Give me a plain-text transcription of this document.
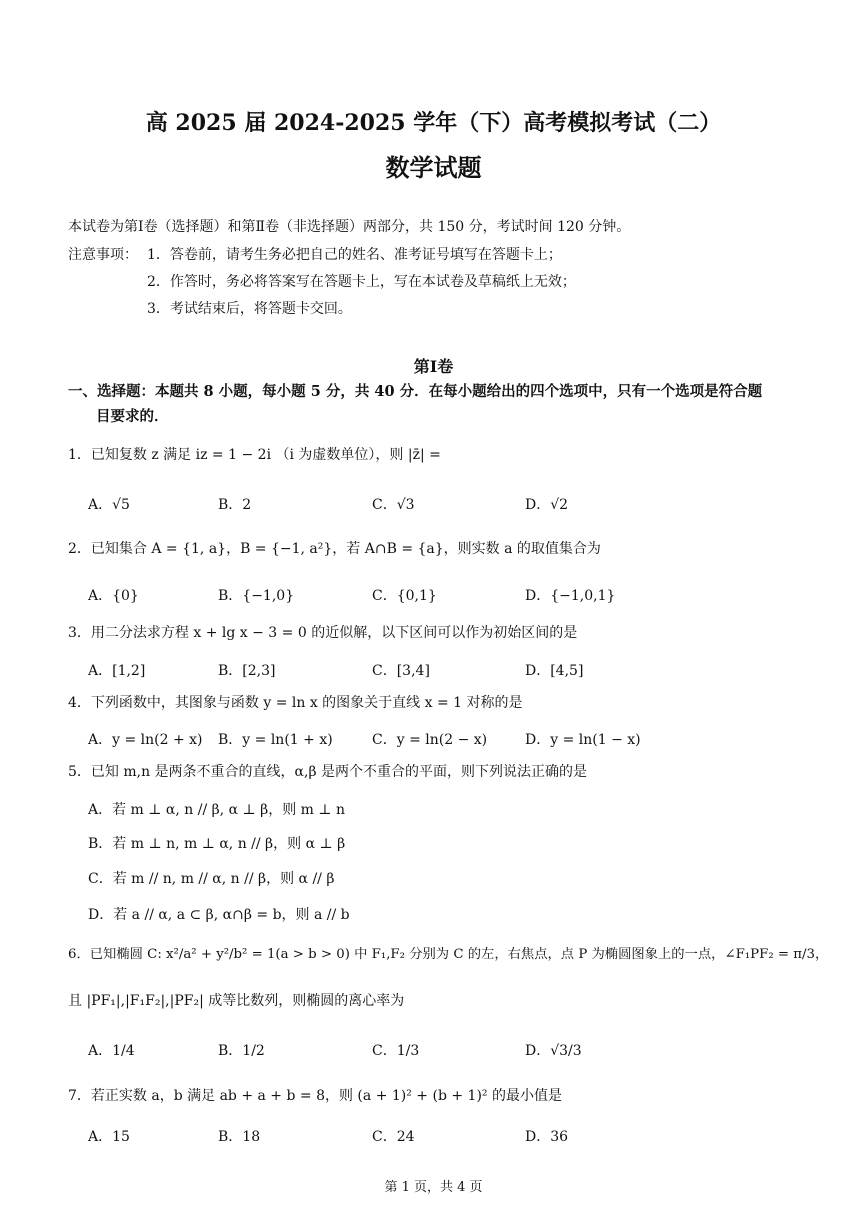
高 2025 届 2024-2025 学年（下）高考模拟考试（二）
数学试题
本试卷为第Ⅰ卷（选择题）和第Ⅱ卷（非选择题）两部分，共 150 分，考试时间 120 分钟。
注意事项： 1．答卷前，请考生务必把自己的姓名、准考证号填写在答题卡上；
2．作答时，务必将答案写在答题卡上，写在本试卷及草稿纸上无效；
3．考试结束后，将答题卡交回。
第Ⅰ卷
一、选择题：本题共 8 小题，每小题 5 分，共 40 分．在每小题给出的四个选项中，只有一个选项是符合题
目要求的．
1．已知复数 z 满足 iz = 1 − 2i （i 为虚数单位），则 |z̄| =
A．√5	B．2	C．√3	D．√2
2．已知集合 A = {1, a}，B = {−1, a²}，若 A∩B = {a}，则实数 a 的取值集合为
A．{0}	B．{−1,0}	C．{0,1}	D．{−1,0,1}
3．用二分法求方程 x + lg x − 3 = 0 的近似解，以下区间可以作为初始区间的是
A．[1,2]	B．[2,3]	C．[3,4]	D．[4,5]
4．下列函数中，其图象与函数 y = ln x 的图象关于直线 x = 1 对称的是
A．y = ln(2 + x) B．y = ln(1 + x)	C．y = ln(2 − x)	D．y = ln(1 − x)
5．已知 m,n 是两条不重合的直线，α,β 是两个不重合的平面，则下列说法正确的是
A．若 m ⊥ α, n // β, α ⊥ β，则 m ⊥ n
B．若 m ⊥ n, m ⊥ α, n // β，则 α ⊥ β
C．若 m // n, m // α, n // β，则 α // β
D．若 a // α, a ⊂ β, α∩β = b，则 a // b
6．已知椭圆 C: x²/a² + y²/b² = 1(a > b > 0) 中 F₁,F₂ 分别为 C 的左，右焦点，点 P 为椭圆图象上的一点，∠F₁PF₂ = π/3，
且 |PF₁|,|F₁F₂|,|PF₂| 成等比数列，则椭圆的离心率为
A．1/4	B．1/2	C．1/3	D．√3/3
7．若正实数 a，b 满足 ab + a + b = 8，则 (a + 1)² + (b + 1)² 的最小值是
A．15	B．18	C．24	D．36
第 1 页，共 4 页
